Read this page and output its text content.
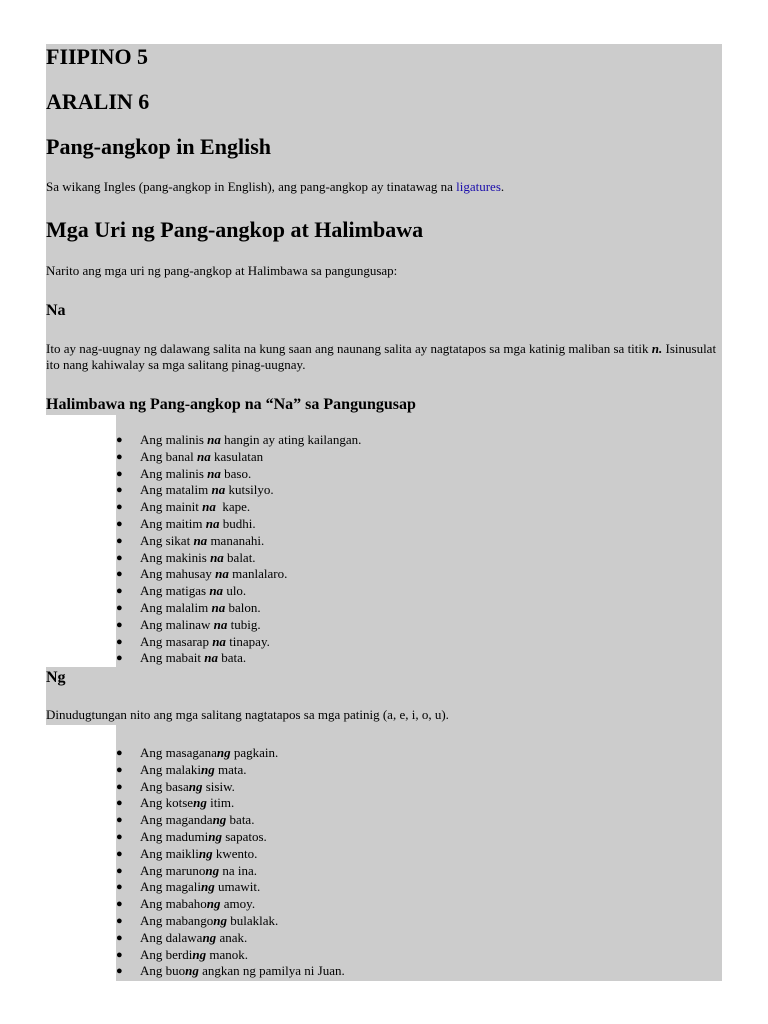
FIIPINO 5
ARALIN 6
Pang-angkop in English

Sa wikang Ingles (pang-angkop in English), ang pang-angkop ay tinatawag na ligatures.

Mga Uri ng Pang-angkop at Halimbawa

Narito ang mga uri ng pang-angkop at Halimbawa sa pangungusap:

Na

Ito ay nag-uugnay ng dalawang salita na kung saan ang naunang salita ay nagtatapos sa mga katinig maliban sa titik n. Isinusulat ito nang kahiwalay sa mga salitang pinag-uugnay.

Halimbawa ng Pang-angkop na “Na” sa Pangungusap
● Ang malinis na hangin ay ating kailangan.
● Ang banal na kasulatan
● Ang malinis na baso.
● Ang matalim na kutsilyo.
● Ang mainit na  kape.
● Ang maitim na budhi.
● Ang sikat na mananahi.
● Ang makinis na balat.
● Ang mahusay na manlalaro.
● Ang matigas na ulo.
● Ang malalim na balon.
● Ang malinaw na tubig.
● Ang masarap na tinapay.
● Ang mabait na bata.
Ng

Dinudugtungan nito ang mga salitang nagtatapos sa mga patinig (a, e, i, o, u).

● Ang masaganang pagkain.
● Ang malaking mata.
● Ang basang sisiw.
● Ang kotseng itim.
● Ang magandang bata.
● Ang maduming sapatos.
● Ang maikling kwento.
● Ang marunong na ina.
● Ang magaling umawit.
● Ang mabahong amoy.
● Ang mabangong bulaklak.
● Ang dalawang anak.
● Ang berding manok.
● Ang buong angkan ng pamilya ni Juan.
